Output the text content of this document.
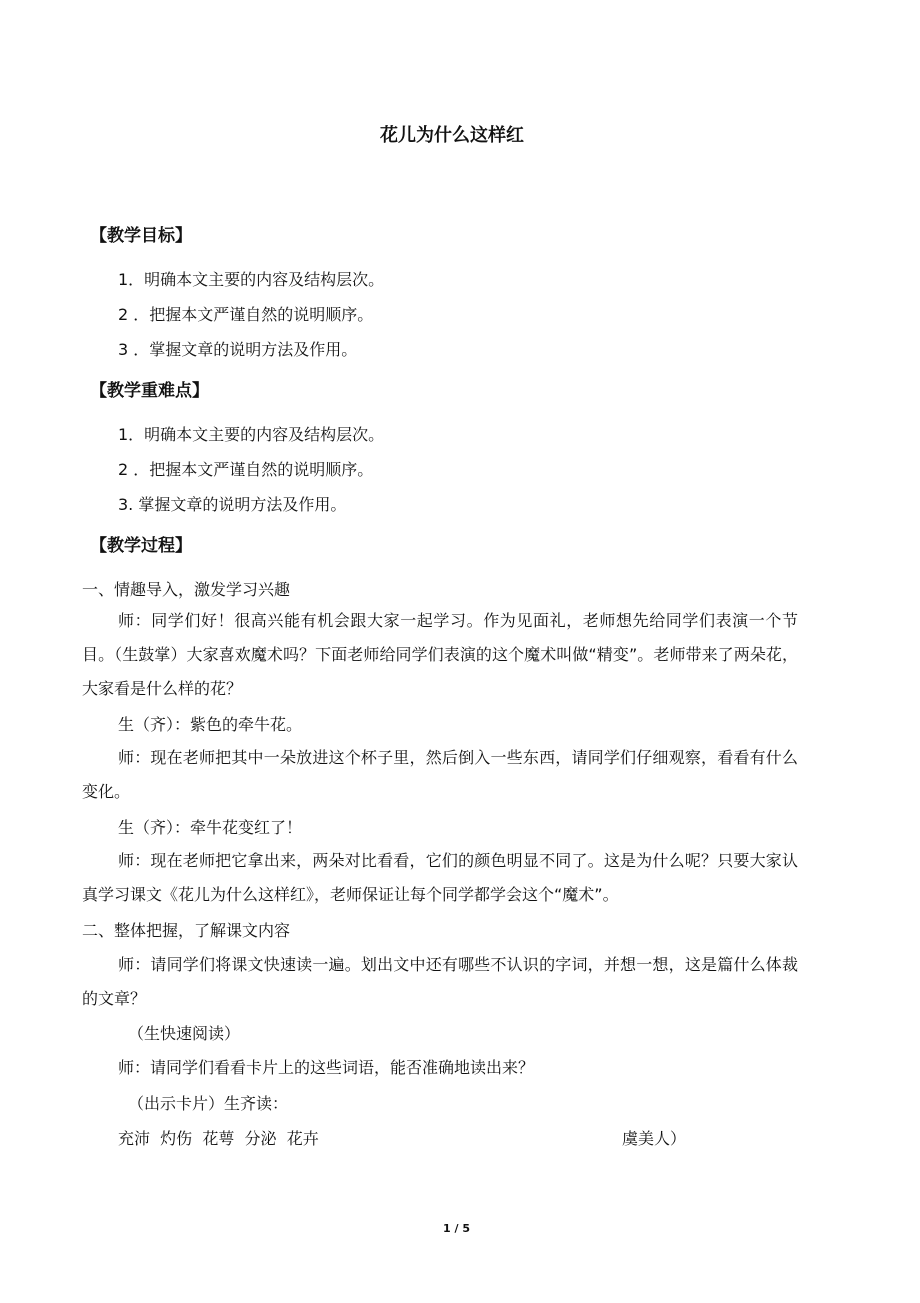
花儿为什么这样红
【教学目标】
1．明确本文主要的内容及结构层次。
2 ．把握本文严谨自然的说明顺序。
3 ．掌握文章的说明方法及作用。
【教学重难点】
1．明确本文主要的内容及结构层次。
2 ．把握本文严谨自然的说明顺序。
3. 掌握文章的说明方法及作用。
【教学过程】
一、情趣导入，激发学习兴趣
师：同学们好！很高兴能有机会跟大家一起学习。作为见面礼，老师想先给同学们表演一个节目。（生鼓掌）大家喜欢魔术吗？下面老师给同学们表演的这个魔术叫做“精变”。老师带来了两朵花，大家看是什么样的花？
生（齐）：紫色的牵牛花。
师：现在老师把其中一朵放进这个杯子里，然后倒入一些东西，请同学们仔细观察，看看有什么变化。
生（齐）：牵牛花变红了！
师：现在老师把它拿出来，两朵对比看看，它们的颜色明显不同了。这是为什么呢？只要大家认真学习课文《花儿为什么这样红》，老师保证让每个同学都学会这个“魔术”。
二、整体把握，了解课文内容
师：请同学们将课文快速读一遍。划出文中还有哪些不认识的字词，并想一想，这是篇什么体裁的文章？
（生快速阅读）
师：请同学们看看卡片上的这些词语，能否准确地读出来？
（出示卡片）生齐读：
充沛  灼伤  花萼  分泌  花卉	虞美人）
1 / 5
